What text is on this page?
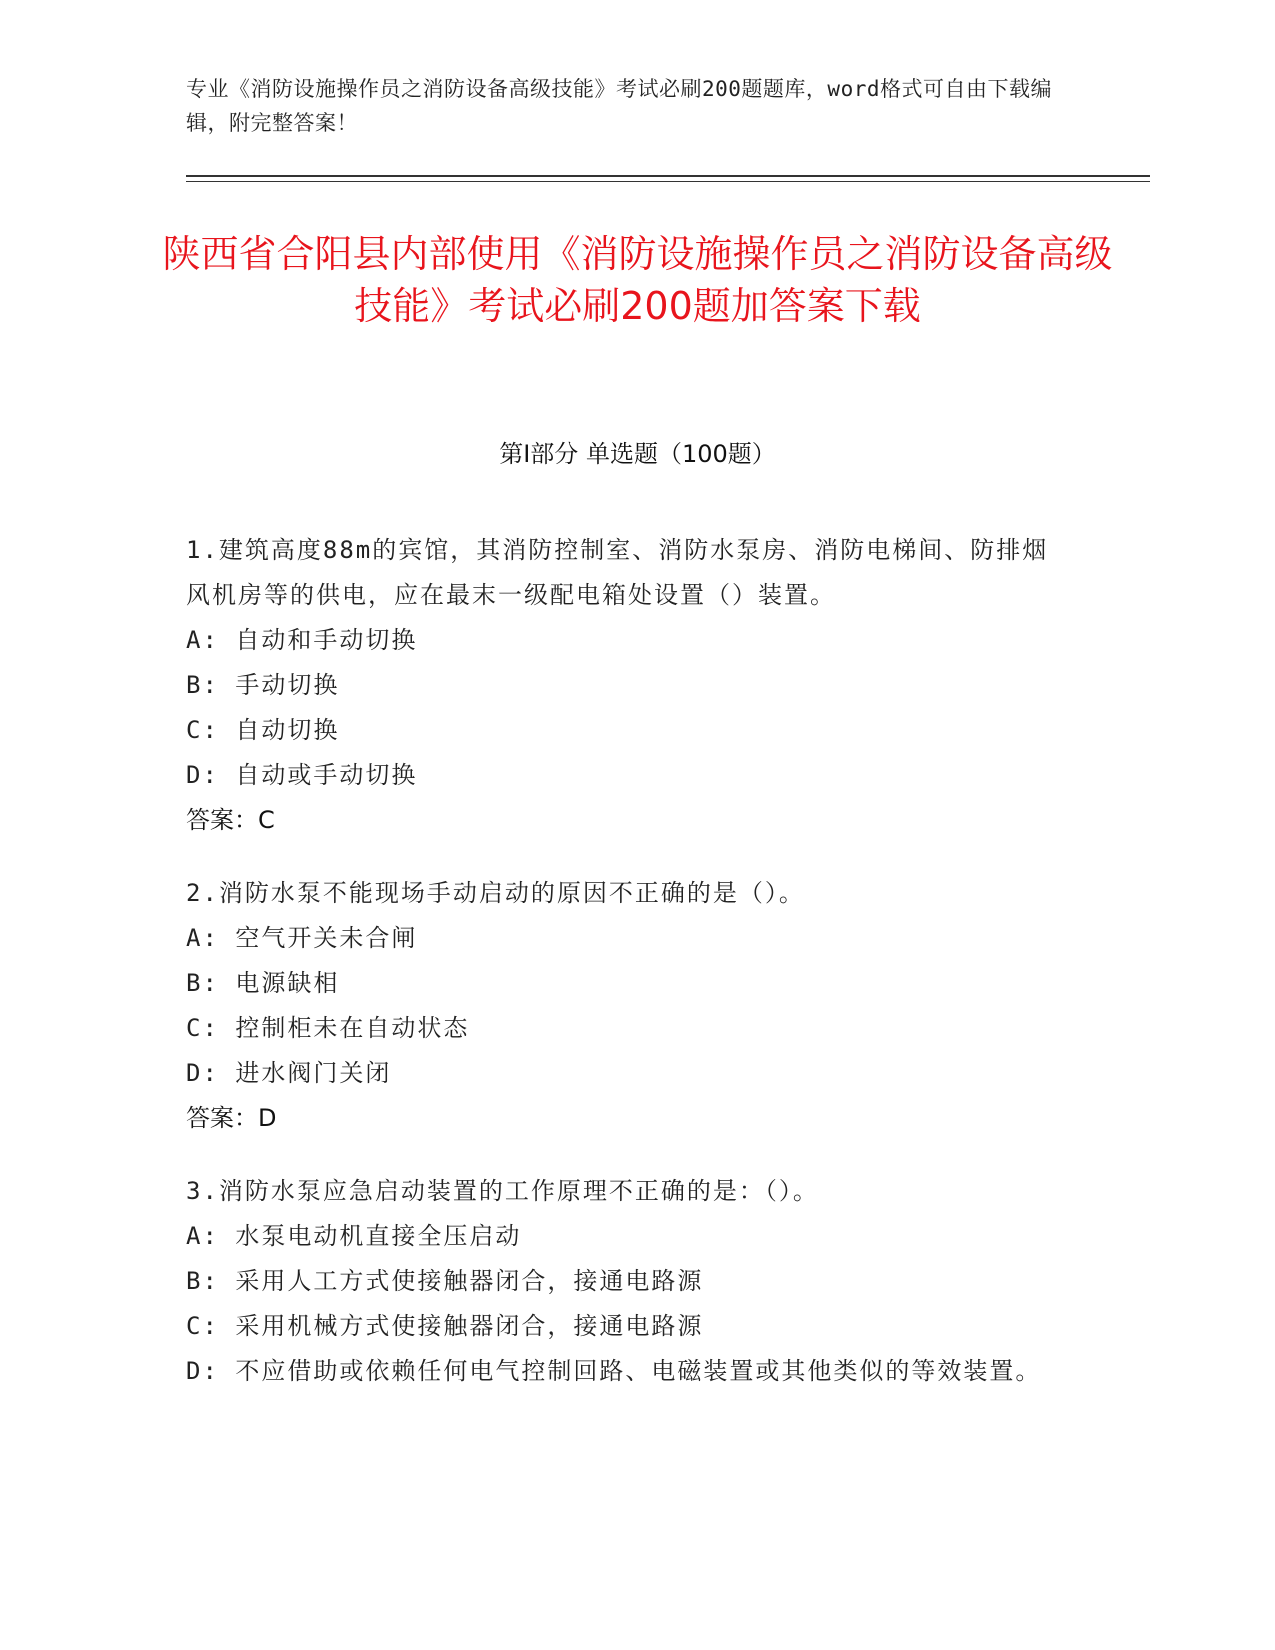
专业《消防设施操作员之消防设备高级技能》考试必刷200题题库，word格式可自由下载编辑，附完整答案！
陕西省合阳县内部使用《消防设施操作员之消防设备高级技能》考试必刷200题加答案下载
第Ⅰ部分 单选题（100题）
1.建筑高度88m的宾馆，其消防控制室、消防水泵房、消防电梯间、防排烟风机房等的供电，应在最末一级配电箱处设置（）装置。
A: 自动和手动切换
B: 手动切换
C: 自动切换
D: 自动或手动切换
答案：C
2.消防水泵不能现场手动启动的原因不正确的是（）。
A: 空气开关未合闸
B: 电源缺相
C: 控制柜未在自动状态
D: 进水阀门关闭
答案：D
3.消防水泵应急启动装置的工作原理不正确的是：（）。
A: 水泵电动机直接全压启动
B: 采用人工方式使接触器闭合，接通电路源
C: 采用机械方式使接触器闭合，接通电路源
D: 不应借助或依赖任何电气控制回路、电磁装置或其他类似的等效装置。
